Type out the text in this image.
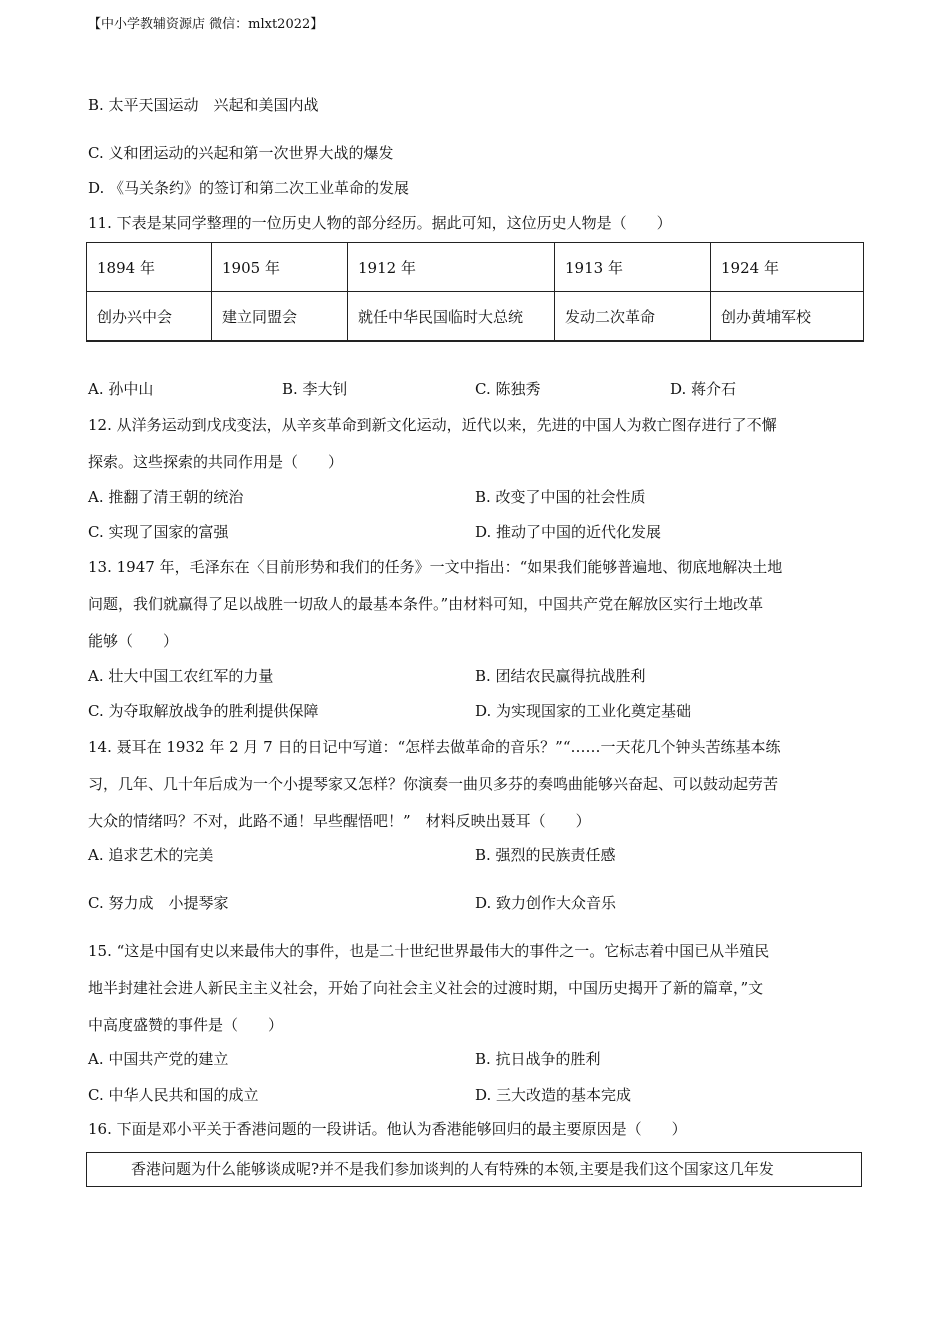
【中小学教辅资源店 微信：mlxt2022】
B. 太平天国运动　兴起和美国内战
C. 义和团运动的兴起和第一次世界大战的爆发
D. 《马关条约》的签订和第二次工业革命的发展
11. 下表是某同学整理的一位历史人物的部分经历。据此可知，这位历史人物是（　　）
1894 年	1905 年	1912 年	1913 年	1924 年
创办兴中会	建立同盟会	就任中华民国临时大总统	发动二次革命	创办黄埔军校
A. 孙中山	B. 李大钊	C. 陈独秀	D. 蒋介石
12. 从洋务运动到戊戌变法，从辛亥革命到新文化运动，近代以来，先进的中国人为救亡图存进行了不懈
探索。这些探索的共同作用是（　　）
A. 推翻了清王朝的统治	B. 改变了中国的社会性质
C. 实现了国家的富强	D. 推动了中国的近代化发展
13. 1947 年，毛泽东在〈目前形势和我们的任务》一文中指出：“如果我们能够普遍地、彻底地解决土地
问题，我们就赢得了足以战胜一切敌人的最基本条件。”由材料可知，中国共产党在解放区实行土地改革
能够（　　）
A. 壮大中国工农红军的力量	B. 团结农民赢得抗战胜利
C. 为夺取解放战争的胜利提供保障	D. 为实现国家的工业化奠定基础
14. 聂耳在 1932 年 2 月 7 日的日记中写道：“怎样去做革命的音乐？”“……一天花几个钟头苦练基本练
习，几年、几十年后成为一个小提琴家又怎样？你演奏一曲贝多芬的奏鸣曲能够兴奋起、可以鼓动起劳苦
大众的情绪吗？不对，此路不通！早些醒悟吧！”　材料反映出聂耳（　　）
A. 追求艺术的完美	B. 强烈的民族责任感
C. 努力成　小提琴家	D. 致力创作大众音乐
15. “这是中国有史以来最伟大的事件，也是二十世纪世界最伟大的事件之一。它标志着中国已从半殖民
地半封建社会进人新民主主义社会，开始了向社会主义社会的过渡时期，中国历史揭开了新的篇章，”文
中高度盛赞的事件是（　　）
A. 中国共产党的建立	B. 抗日战争的胜利
C. 中华人民共和国的成立	D. 三大改造的基本完成
16. 下面是邓小平关于香港问题的一段讲话。他认为香港能够回归的最主要原因是（　　）
香港问题为什么能够谈成呢?并不是我们参加谈判的人有特殊的本领,主要是我们这个国家这几年发
